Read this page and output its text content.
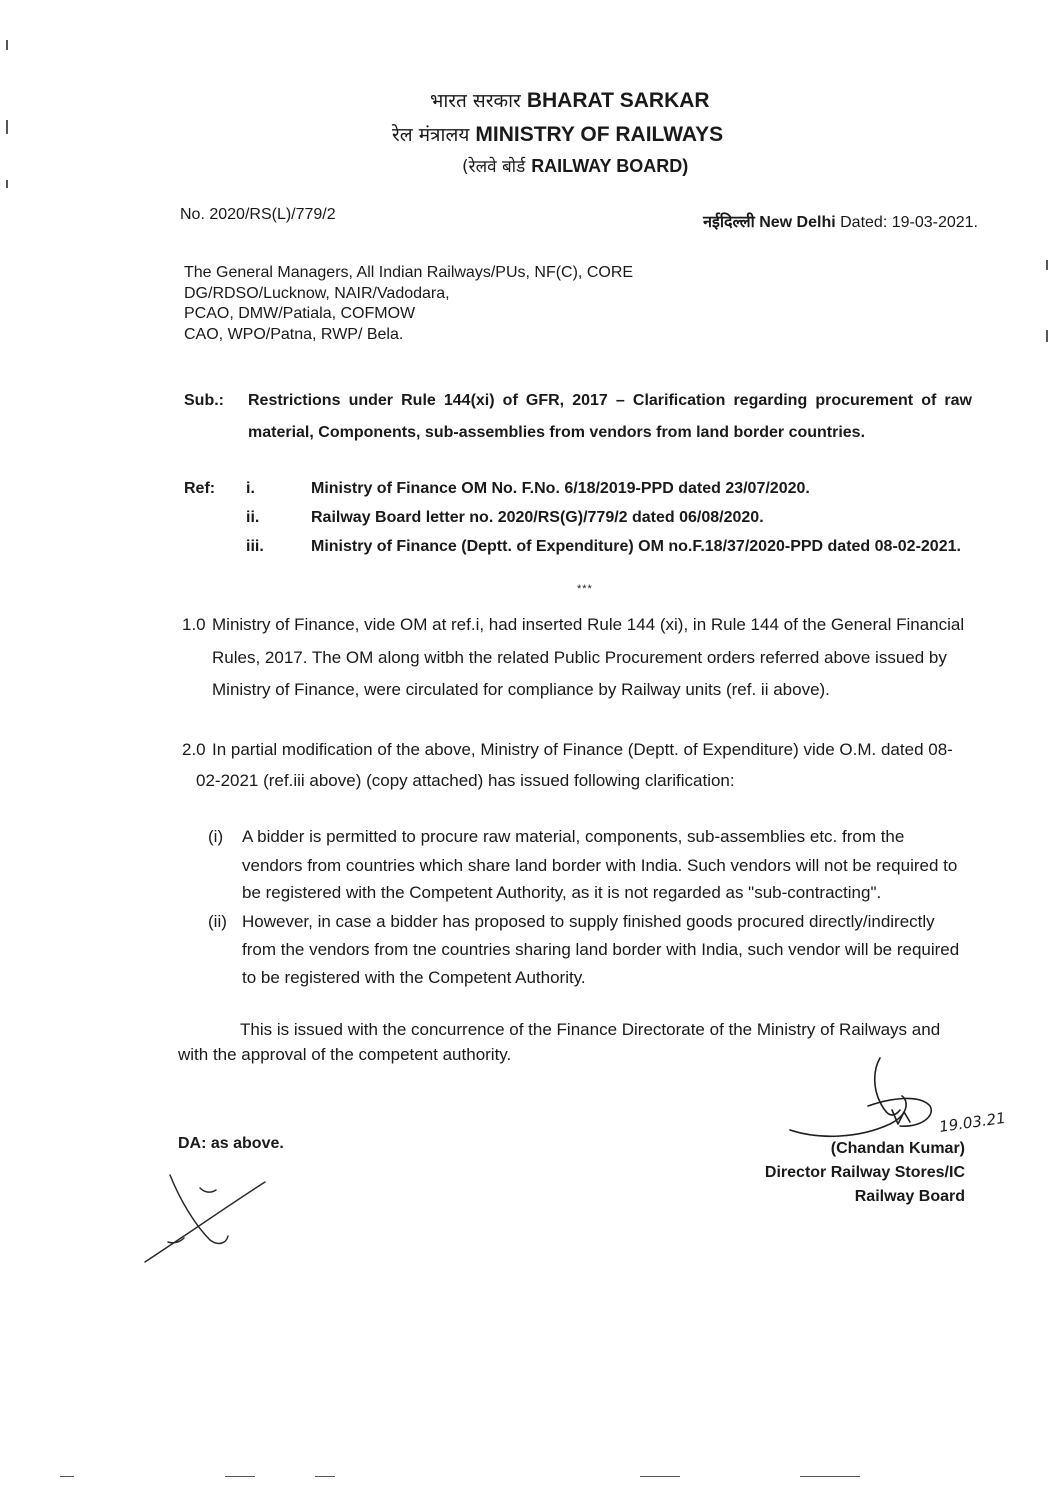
भारत सरकार BHARAT SARKAR
रेल मंत्रालय MINISTRY OF RAILWAYS
(रेलवे बोर्ड RAILWAY BOARD)
No. 2020/RS(L)/779/2	नईदिल्ली New Delhi Dated: 19-03-2021.
The General Managers, All Indian Railways/PUs, NF(C), CORE
DG/RDSO/Lucknow, NAIR/Vadodara,
PCAO, DMW/Patiala, COFMOW
CAO, WPO/Patna, RWP/ Bela.
Sub.: Restrictions under Rule 144(xi) of GFR, 2017 – Clarification regarding procurement of raw
material, Components, sub-assemblies from vendors from land border countries.
Ref: i.	Ministry of Finance OM No. F.No. 6/18/2019-PPD dated 23/07/2020.
ii.	Railway Board letter no. 2020/RS(G)/779/2 dated 06/08/2020.
iii.	Ministry of Finance (Deptt. of Expenditure) OM no.F.18/37/2020-PPD dated 08-02-2021.
***
1.0 Ministry of Finance, vide OM at ref.i, had inserted Rule 144 (xi), in Rule 144 of the General Financial
Rules, 2017. The OM along witbh the related Public Procurement orders referred above issued by
Ministry of Finance, were circulated for compliance by Railway units (ref. ii above).
2.0 In partial modification of the above, Ministry of Finance (Deptt. of Expenditure) vide O.M. dated 08-
02-2021 (ref.iii above) (copy attached) has issued following clarification:
(i) A bidder is permitted to procure raw material, components, sub-assemblies etc. from the
vendors from countries which share land border with India. Such vendors will not be required to
be registered with the Competent Authority, as it is not regarded as "sub-contracting".
(ii) However, in case a bidder has proposed to supply finished goods procured directly/indirectly
from the vendors from tne countries sharing land border with India, such vendor will be required
to be registered with the Competent Authority.
This is issued with the concurrence of the Finance Directorate of the Ministry of Railways and
with the approval of the competent authority.
19.03.21
(Chandan Kumar)
Director Railway Stores/IC
Railway Board
DA: as above.
